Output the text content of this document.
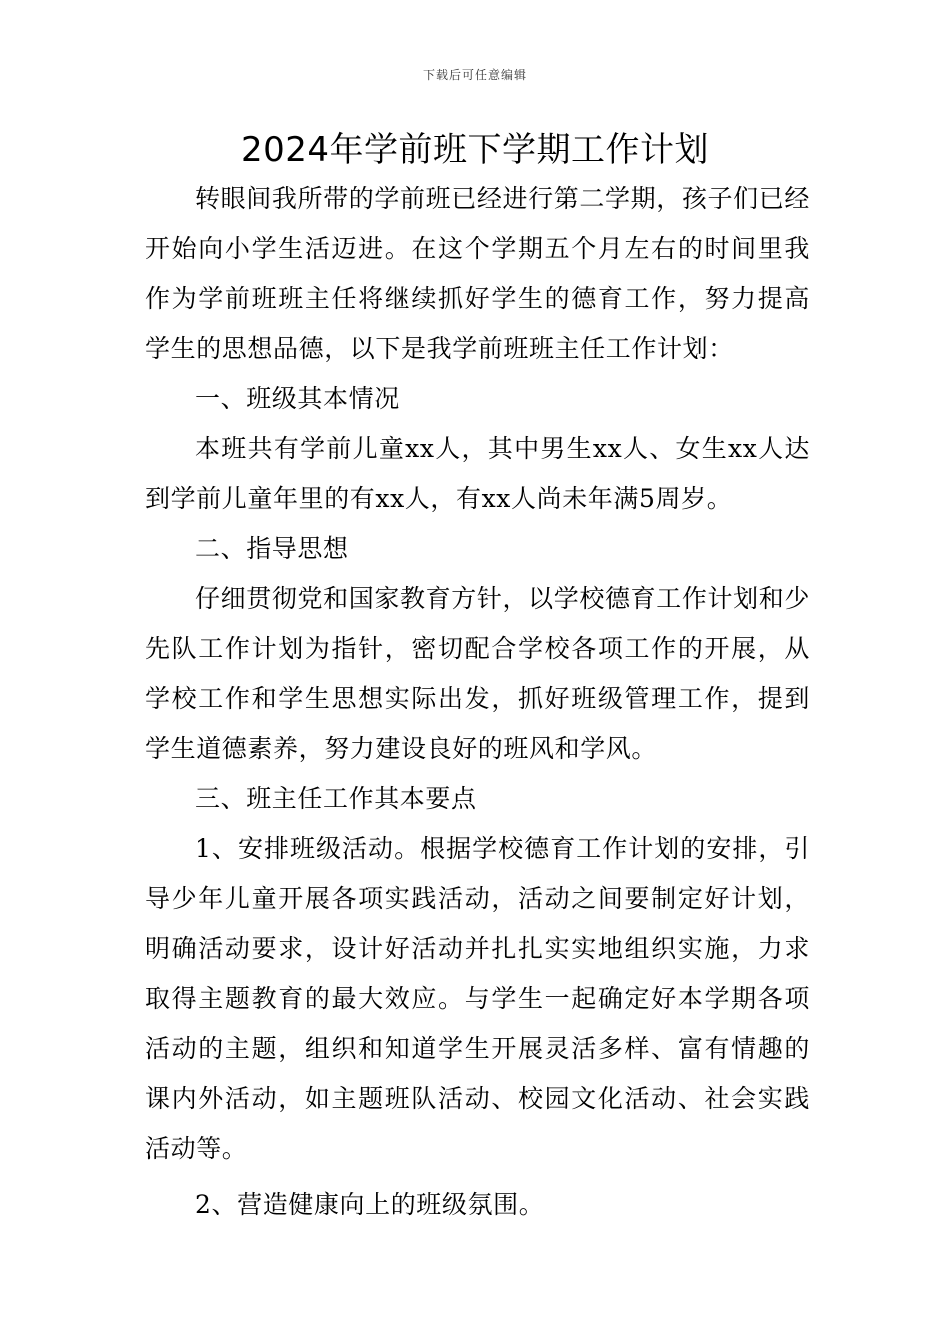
下载后可任意编辑
2024年学前班下学期工作计划

转眼间我所带的学前班已经进行第二学期，孩子们已经开始向小学生活迈进。在这个学期五个月左右的时间里我作为学前班班主任将继续抓好学生的德育工作，努力提高学生的思想品德，以下是我学前班班主任工作计划：

一、班级其本情况

本班共有学前儿童xx人，其中男生xx人、女生xx人达到学前儿童年里的有xx人，有xx人尚未年满5周岁。

二、指导思想

仔细贯彻党和国家教育方针，以学校德育工作计划和少先队工作计划为指针，密切配合学校各项工作的开展，从学校工作和学生思想实际出发，抓好班级管理工作，提到学生道德素养，努力建设良好的班风和学风。

三、班主任工作其本要点

1、安排班级活动。根据学校德育工作计划的安排，引导少年儿童开展各项实践活动，活动之间要制定好计划，明确活动要求，设计好活动并扎扎实实地组织实施，力求取得主题教育的最大效应。与学生一起确定好本学期各项活动的主题，组织和知道学生开展灵活多样、富有情趣的课内外活动，如主题班队活动、校园文化活动、社会实践活动等。

2、营造健康向上的班级氛围。
